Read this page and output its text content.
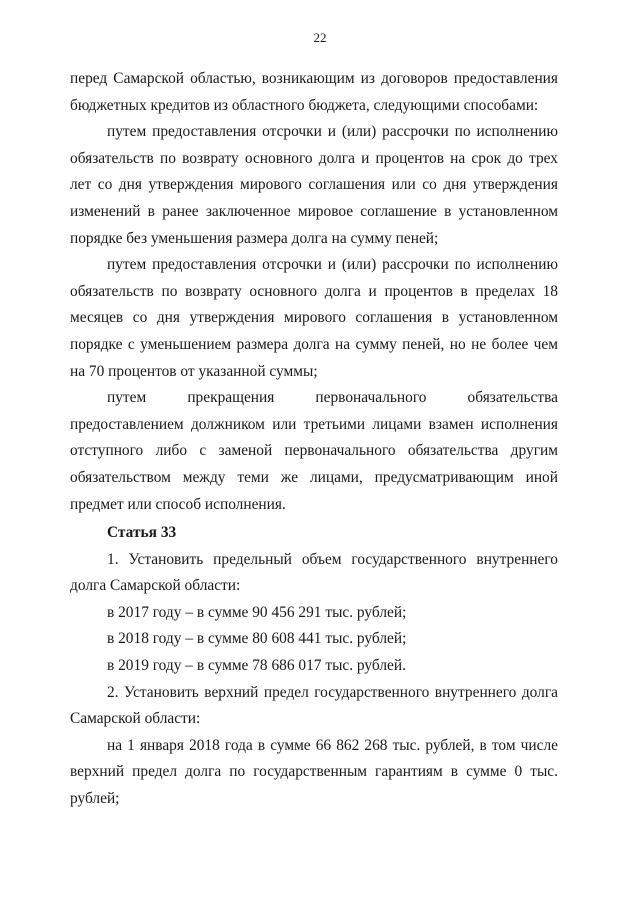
22

перед Самарской областью, возникающим из договоров предоставления бюджетных кредитов из областного бюджета, следующими способами:

путем предоставления отсрочки и (или) рассрочки по исполнению обязательств по возврату основного долга и процентов на срок до трех лет со дня утверждения мирового соглашения или со дня утверждения изменений в ранее заключенное мировое соглашение в установленном порядке без уменьшения размера долга на сумму пеней;

путем предоставления отсрочки и (или) рассрочки по исполнению обязательств по возврату основного долга и процентов в пределах 18 месяцев со дня утверждения мирового соглашения в установленном порядке с уменьшением размера долга на сумму пеней, но не более чем на 70 процентов от указанной суммы;

путем прекращения первоначального обязательства предоставлением должником или третьими лицами взамен исполнения отступного либо с заменой первоначального обязательства другим обязательством между теми же лицами, предусматривающим иной предмет или способ исполнения.

Статья 33

1. Установить предельный объем государственного внутреннего долга Самарской области:

в 2017 году – в сумме 90 456 291 тыс. рублей;

в 2018 году – в сумме 80 608 441 тыс. рублей;

в 2019 году – в сумме 78 686 017 тыс. рублей.

2. Установить верхний предел государственного внутреннего долга Самарской области:

на 1 января 2018 года в сумме 66 862 268 тыс. рублей, в том числе верхний предел долга по государственным гарантиям в сумме 0 тыс. рублей;
